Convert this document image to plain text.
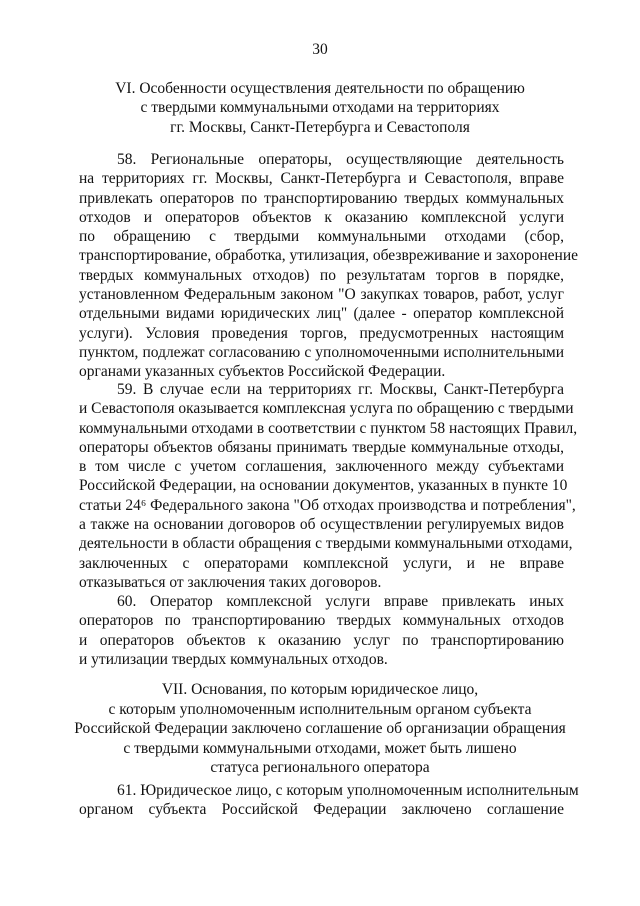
30
VI. Особенности осуществления деятельности по обращению
с твердыми коммунальными отходами на территориях
гг. Москвы, Санкт-Петербурга и Севастополя
58. Региональные операторы, осуществляющие деятельность
на территориях гг. Москвы, Санкт-Петербурга и Севастополя, вправе
привлекать операторов по транспортированию твердых коммунальных
отходов и операторов объектов к оказанию комплексной услуги
по обращению с твердыми коммунальными отходами (сбор,
транспортирование, обработка, утилизация, обезвреживание и захоронение
твердых коммунальных отходов) по результатам торгов в порядке,
установленном Федеральным законом "О закупках товаров, работ, услуг
отдельными видами юридических лиц" (далее - оператор комплексной
услуги). Условия проведения торгов, предусмотренных настоящим
пунктом, подлежат согласованию с уполномоченными исполнительными
органами указанных субъектов Российской Федерации.
59. В случае если на территориях гг. Москвы, Санкт-Петербурга
и Севастополя оказывается комплексная услуга по обращению с твердыми
коммунальными отходами в соответствии с пунктом 58 настоящих Правил,
операторы объектов обязаны принимать твердые коммунальные отходы,
в том числе с учетом соглашения, заключенного между субъектами
Российской Федерации, на основании документов, указанных в пункте 10
статьи 24⁶ Федерального закона "Об отходах производства и потребления",
а также на основании договоров об осуществлении регулируемых видов
деятельности в области обращения с твердыми коммунальными отходами,
заключенных с операторами комплексной услуги, и не вправе
отказываться от заключения таких договоров.
60. Оператор комплексной услуги вправе привлекать иных
операторов по транспортированию твердых коммунальных отходов
и операторов объектов к оказанию услуг по транспортированию
и утилизации твердых коммунальных отходов.
VII. Основания, по которым юридическое лицо,
с которым уполномоченным исполнительным органом субъекта
Российской Федерации заключено соглашение об организации обращения
с твердыми коммунальными отходами, может быть лишено
статуса регионального оператора
61. Юридическое лицо, с которым уполномоченным исполнительным
органом субъекта Российской Федерации заключено соглашение
